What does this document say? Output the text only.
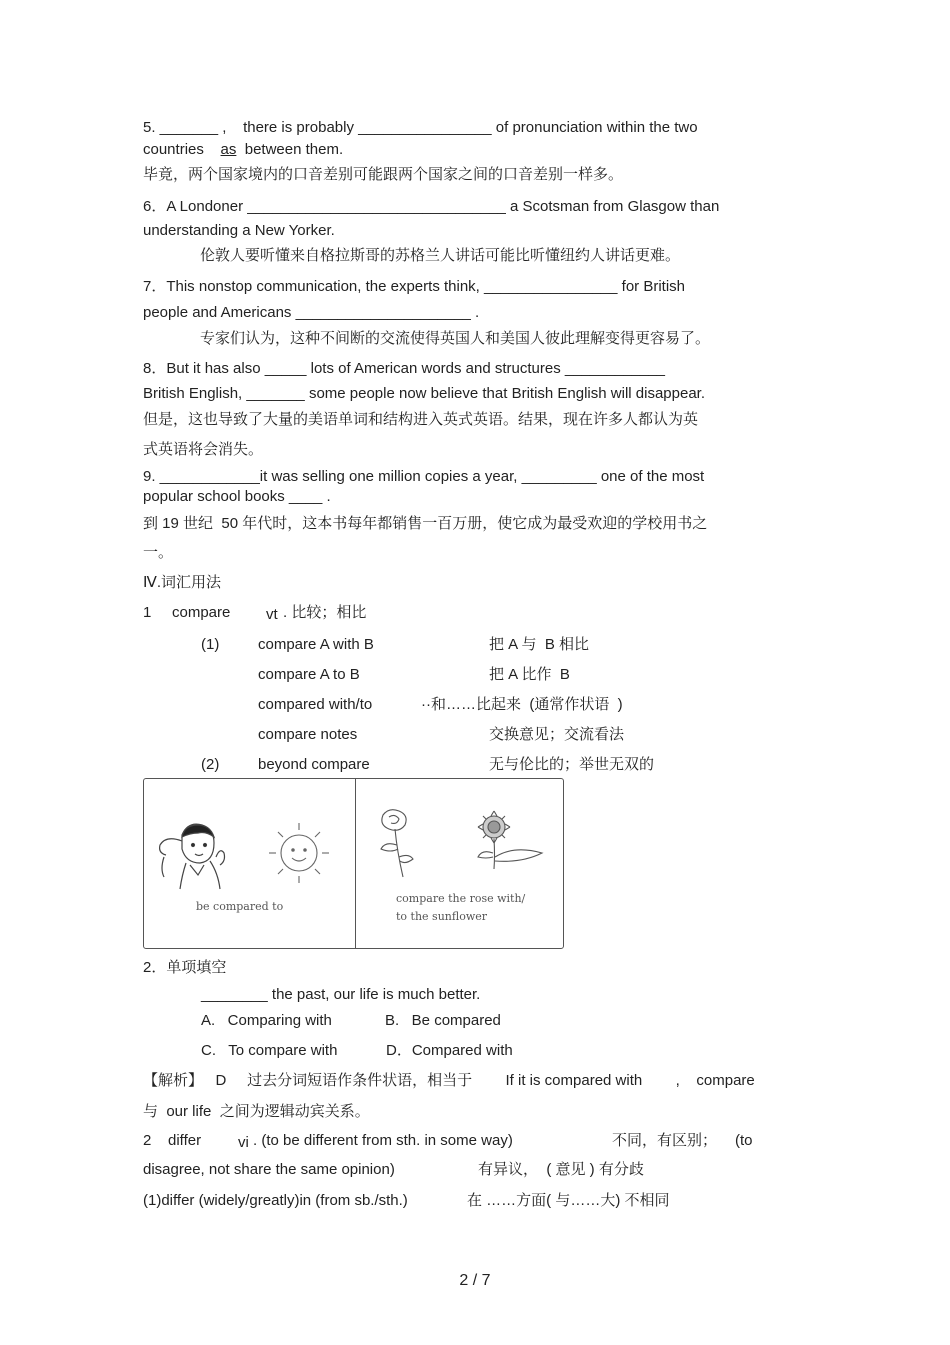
5. _______ ,    there is probably ________________ of pronunciation within the two
countries    as  between them.
毕竟，两个国家境内的口音差别可能跟两个国家之间的口音差别一样多。
6．A Londoner _______________________________ a Scotsman from Glasgow than
understanding a New Yorker.
伦敦人要听懂来自格拉斯哥的苏格兰人讲话可能比听懂纽约人讲话更难。
7．This nonstop communication, the experts think, ________________ for British
people and Americans _____________________ .
专家们认为，这种不间断的交流使得英国人和美国人彼此理解变得更容易了。
8．But it has also _____ lots of American words and structures ____________
British English, _______ some people now believe that British English will disappear.
但是，这也导致了大量的美语单词和结构进入英式英语。结果，现在许多人都认为英
式英语将会消失。
9. ____________it was selling one million copies a year, _________ one of the most
popular school books ____ .
到 19 世纪  50 年代时，这本书每年都销售一百万册，使它成为最受欢迎的学校用书之
一。
Ⅳ.词汇用法
1 compare vt . 比较；相比
(1)	compare A with B	把 A 与  B 相比
compare A to B	把 A 比作  B
compared with/to	··和……比起来  (通常作状语  )
compare notes	交换意见；交流看法
(2)	beyond compare	无与伦比的；举世无双的
be compared to
compare the rose with/
to the sunflower
2．单项填空
________ the past, our life is much better.
A.   Comparing with	B.   Be compared
C.   To compare with	D．Compared with
【解析】   D     过去分词短语作条件状语，相当于        If it is compared with        ,    compare
与  our life  之间为逻辑动宾关系。
2    differ vi . (to be different from sth. in some way)	不同，有区别； (to
disagree, not share the same opinion)	有异议，  ( 意见 ) 有分歧
(1)differ (widely/greatly)in (from sb./sth.)	在 ……方面( 与……大) 不相同
2 / 7
